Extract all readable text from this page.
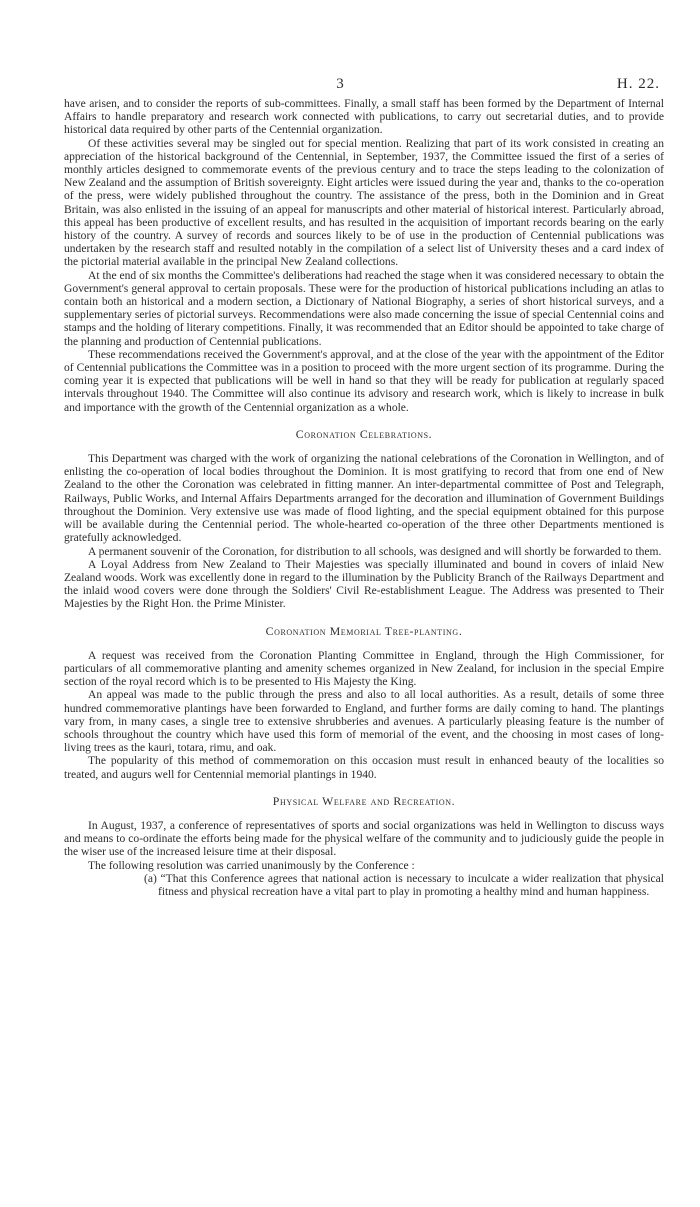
3	H. 22.

have arisen, and to consider the reports of sub-committees. Finally, a small staff has been formed by the Department of Internal Affairs to handle preparatory and research work connected with publications, to carry out secretarial duties, and to provide historical data required by other parts of the Centennial organization.

Of these activities several may be singled out for special mention. Realizing that part of its work consisted in creating an appreciation of the historical background of the Centennial, in September, 1937, the Committee issued the first of a series of monthly articles designed to commemorate events of the previous century and to trace the steps leading to the colonization of New Zealand and the assumption of British sovereignty. Eight articles were issued during the year and, thanks to the co-operation of the press, were widely published throughout the country. The assistance of the press, both in the Dominion and in Great Britain, was also enlisted in the issuing of an appeal for manuscripts and other material of historical interest. Particularly abroad, this appeal has been productive of excellent results, and has resulted in the acquisition of important records bearing on the early history of the country. A survey of records and sources likely to be of use in the production of Centennial publications was undertaken by the research staff and resulted notably in the compilation of a select list of University theses and a card index of the pictorial material available in the principal New Zealand collections.

At the end of six months the Committee's deliberations had reached the stage when it was considered necessary to obtain the Government's general approval to certain proposals. These were for the production of historical publications including an atlas to contain both an historical and a modern section, a Dictionary of National Biography, a series of short historical surveys, and a supplementary series of pictorial surveys. Recommendations were also made concerning the issue of special Centennial coins and stamps and the holding of literary competitions. Finally, it was recommended that an Editor should be appointed to take charge of the planning and production of Centennial publications.

These recommendations received the Government's approval, and at the close of the year with the appointment of the Editor of Centennial publications the Committee was in a position to proceed with the more urgent section of its programme. During the coming year it is expected that publications will be well in hand so that they will be ready for publication at regularly spaced intervals throughout 1940. The Committee will also continue its advisory and research work, which is likely to increase in bulk and importance with the growth of the Centennial organization as a whole.

Coronation Celebrations.

This Department was charged with the work of organizing the national celebrations of the Coronation in Wellington, and of enlisting the co-operation of local bodies throughout the Dominion. It is most gratifying to record that from one end of New Zealand to the other the Coronation was celebrated in fitting manner. An inter-departmental committee of Post and Telegraph, Railways, Public Works, and Internal Affairs Departments arranged for the decoration and illumination of Government Buildings throughout the Dominion. Very extensive use was made of flood lighting, and the special equipment obtained for this purpose will be available during the Centennial period. The whole-hearted co-operation of the three other Departments mentioned is gratefully acknowledged.

A permanent souvenir of the Coronation, for distribution to all schools, was designed and will shortly be forwarded to them.

A Loyal Address from New Zealand to Their Majesties was specially illuminated and bound in covers of inlaid New Zealand woods. Work was excellently done in regard to the illumination by the Publicity Branch of the Railways Department and the inlaid wood covers were done through the Soldiers' Civil Re-establishment League. The Address was presented to Their Majesties by the Right Hon. the Prime Minister.

Coronation Memorial Tree-planting.

A request was received from the Coronation Planting Committee in England, through the High Commissioner, for particulars of all commemorative planting and amenity schemes organized in New Zealand, for inclusion in the special Empire section of the royal record which is to be presented to His Majesty the King.

An appeal was made to the public through the press and also to all local authorities. As a result, details of some three hundred commemorative plantings have been forwarded to England, and further forms are daily coming to hand. The plantings vary from, in many cases, a single tree to extensive shrubberies and avenues. A particularly pleasing feature is the number of schools throughout the country which have used this form of memorial of the event, and the choosing in most cases of long-living trees as the kauri, totara, rimu, and oak.

The popularity of this method of commemoration on this occasion must result in enhanced beauty of the localities so treated, and augurs well for Centennial memorial plantings in 1940.

Physical Welfare and Recreation.

In August, 1937, a conference of representatives of sports and social organizations was held in Wellington to discuss ways and means to co-ordinate the efforts being made for the physical welfare of the community and to judiciously guide the people in the wiser use of the increased leisure time at their disposal.

The following resolution was carried unanimously by the Conference :

(a) “That this Conference agrees that national action is necessary to inculcate a wider realization that physical fitness and physical recreation have a vital part to play in promoting a healthy mind and human happiness.
